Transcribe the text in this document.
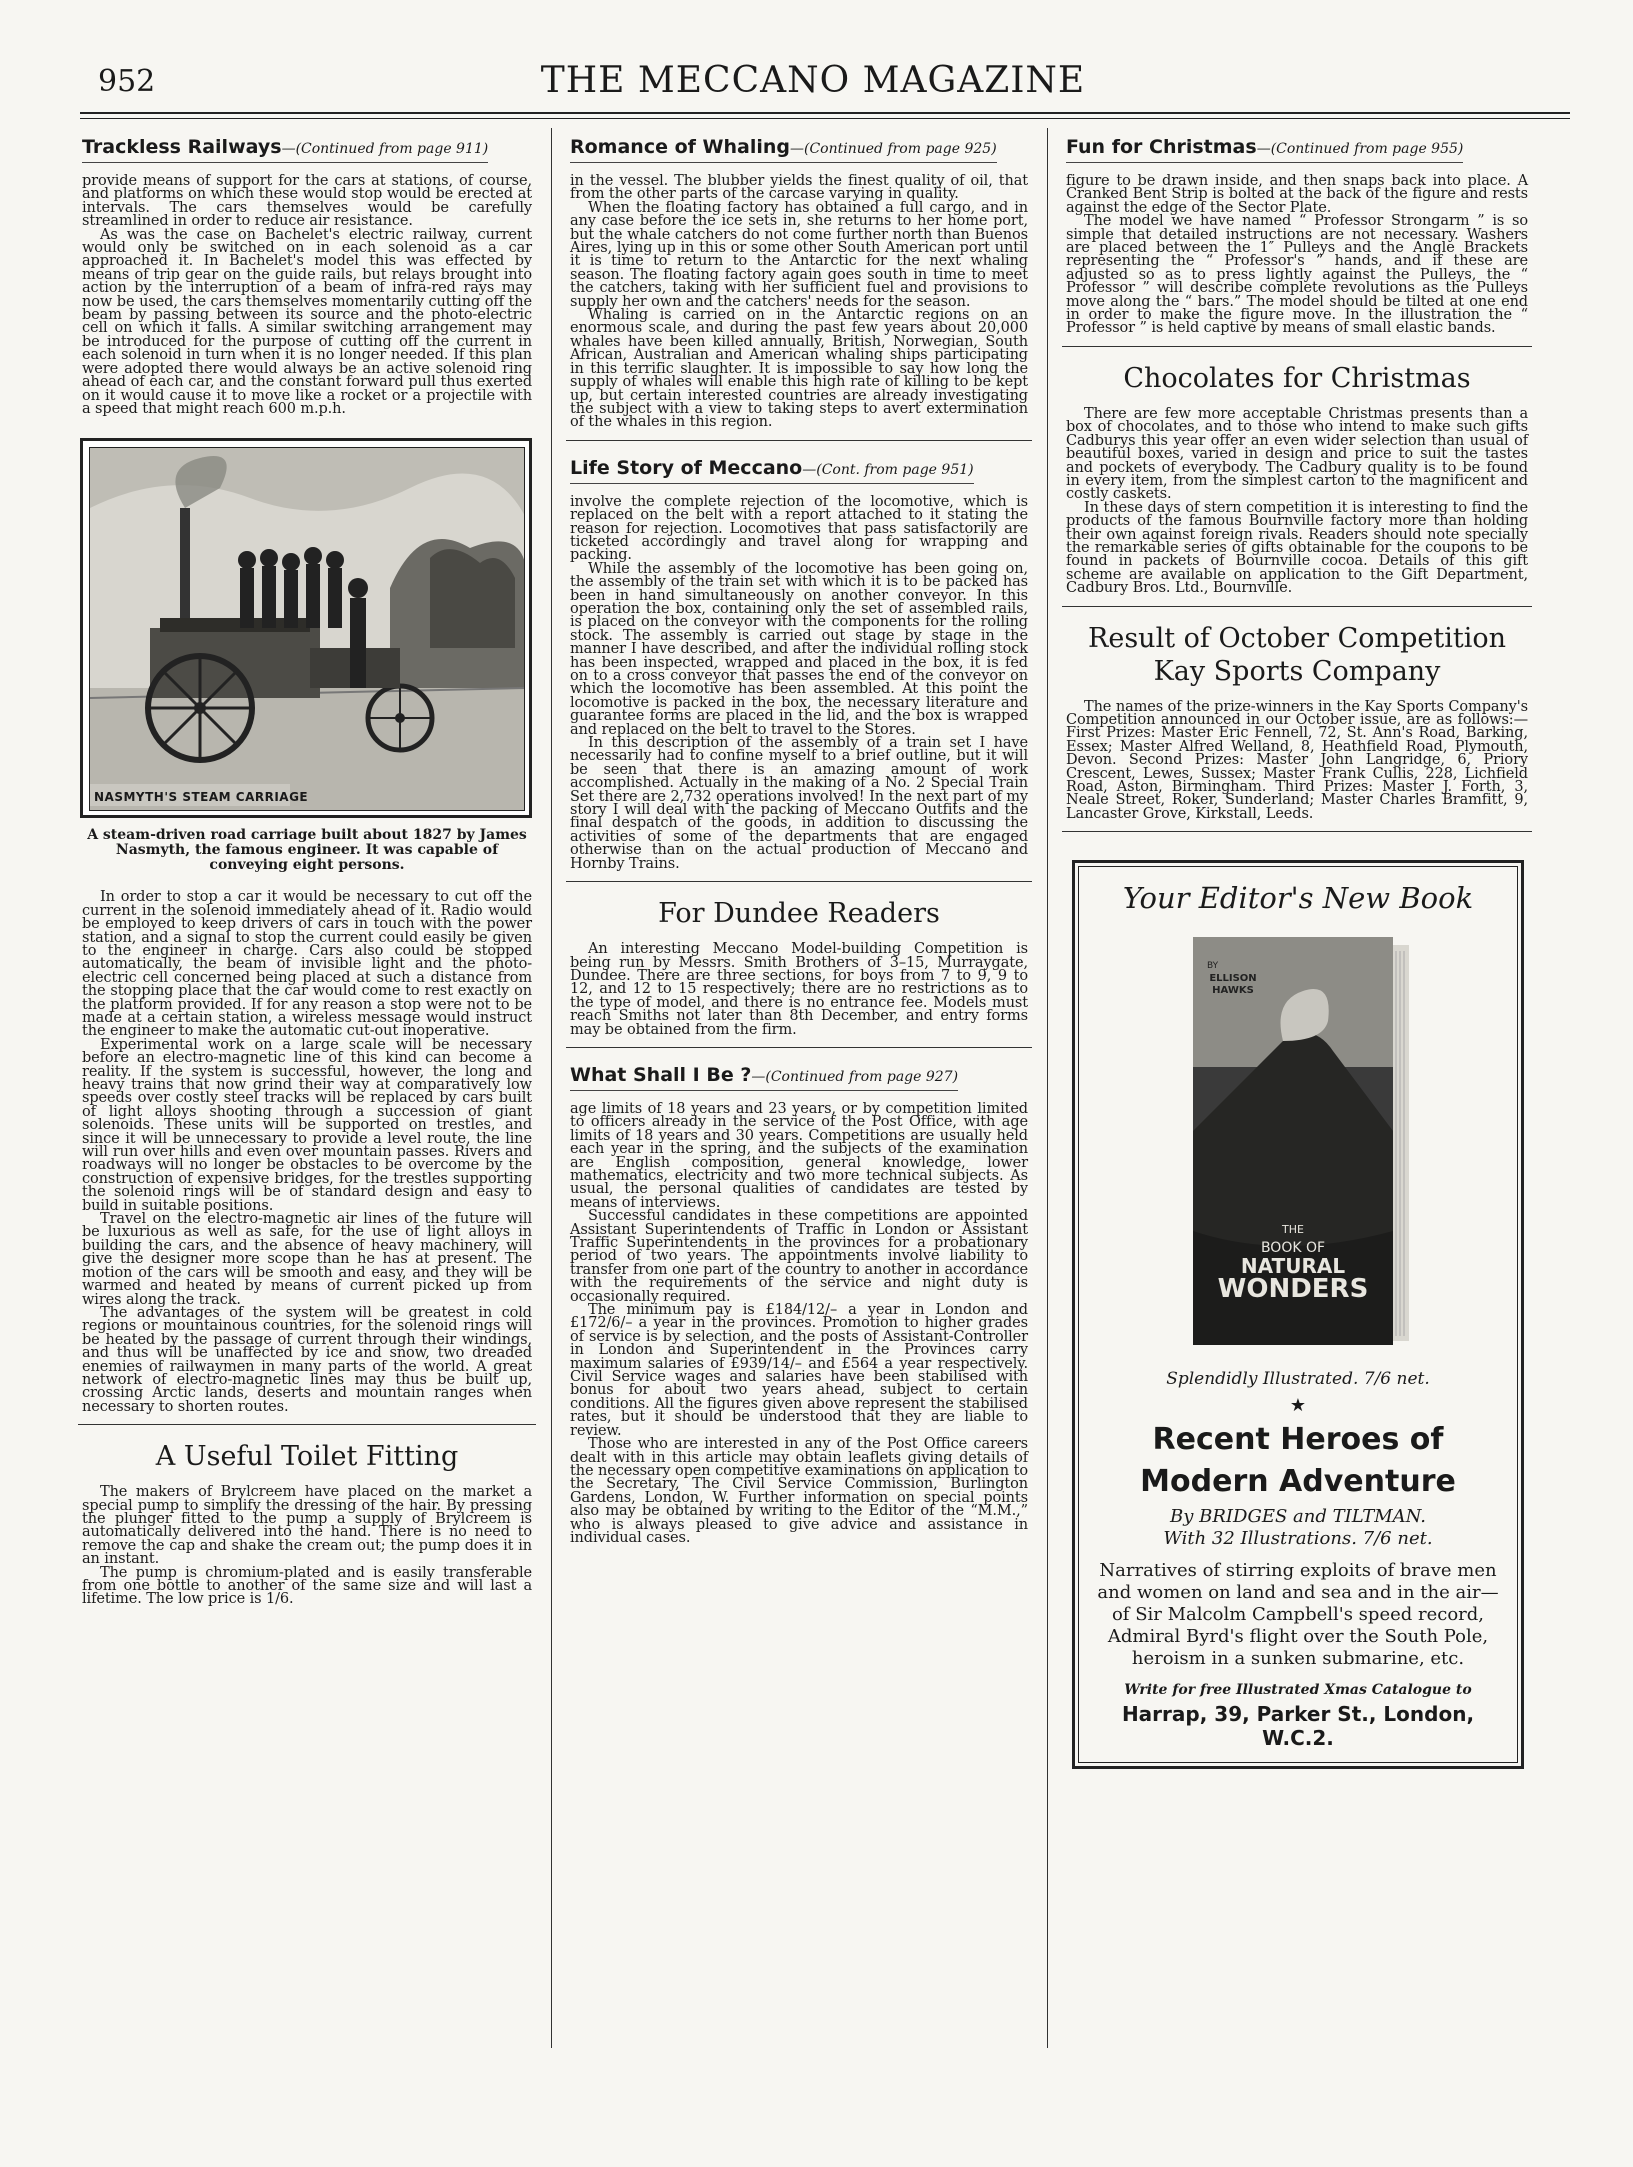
952	THE MECCANO MAGAZINE
Trackless Railways—(Continued from page 911)

provide means of support for the cars at stations, of course, and platforms on which these would stop would be erected at intervals. The cars themselves would be carefully streamlined in order to reduce air resistance.

As was the case on Bachelet's electric railway, current would only be switched on in each solenoid as a car approached it. In Bachelet's model this was effected by means of trip gear on the guide rails, but relays brought into action by the interruption of a beam of infra-red rays may now be used, the cars themselves momentarily cutting off the beam by passing between its source and the photo-electric cell on which it falls. A similar switching arrangement may be introduced for the purpose of cutting off the current in each solenoid in turn when it is no longer needed. If this plan were adopted there would always be an active solenoid ring ahead of each car, and the constant forward pull thus exerted on it would cause it to move like a rocket or a projectile with a speed that might reach 600 m.p.h.

NASMYTH'S STEAM CARRIAGE
A steam-driven road carriage built about 1827 by James Nasmyth, the famous engineer. It was capable of conveying eight persons.

In order to stop a car it would be necessary to cut off the current in the solenoid immediately ahead of it. Radio would be employed to keep drivers of cars in touch with the power station, and a signal to stop the current could easily be given to the engineer in charge. Cars also could be stopped automatically, the beam of invisible light and the photo-electric cell concerned being placed at such a distance from the stopping place that the car would come to rest exactly on the platform provided. If for any reason a stop were not to be made at a certain station, a wireless message would instruct the engineer to make the automatic cut-out inoperative.

Experimental work on a large scale will be necessary before an electro-magnetic line of this kind can become a reality. If the system is successful, however, the long and heavy trains that now grind their way at comparatively low speeds over costly steel tracks will be replaced by cars built of light alloys shooting through a succession of giant solenoids. These units will be supported on trestles, and since it will be unnecessary to provide a level route, the line will run over hills and even over mountain passes. Rivers and roadways will no longer be obstacles to be overcome by the construction of expensive bridges, for the trestles supporting the solenoid rings will be of standard design and easy to build in suitable positions.

Travel on the electro-magnetic air lines of the future will be luxurious as well as safe, for the use of light alloys in building the cars, and the absence of heavy machinery, will give the designer more scope than he has at present. The motion of the cars will be smooth and easy, and they will be warmed and heated by means of current picked up from wires along the track.

The advantages of the system will be greatest in cold regions or mountainous countries, for the solenoid rings will be heated by the passage of current through their windings, and thus will be unaffected by ice and snow, two dreaded enemies of railwaymen in many parts of the world. A great network of electro-magnetic lines may thus be built up, crossing Arctic lands, deserts and mountain ranges when necessary to shorten routes.

A Useful Toilet Fitting

The makers of Brylcreem have placed on the market a special pump to simplify the dressing of the hair. By pressing the plunger fitted to the pump a supply of Brylcreem is automatically delivered into the hand. There is no need to remove the cap and shake the cream out; the pump does it in an instant.

The pump is chromium-plated and is easily transferable from one bottle to another of the same size and will last a lifetime. The low price is 1/6.

Romance of Whaling—(Continued from page 925)

in the vessel. The blubber yields the finest quality of oil, that from the other parts of the carcase varying in quality.

When the floating factory has obtained a full cargo, and in any case before the ice sets in, she returns to her home port, but the whale catchers do not come further north than Buenos Aires, lying up in this or some other South American port until it is time to return to the Antarctic for the next whaling season. The floating factory again goes south in time to meet the catchers, taking with her sufficient fuel and provisions to supply her own and the catchers' needs for the season.

Whaling is carried on in the Antarctic regions on an enormous scale, and during the past few years about 20,000 whales have been killed annually, British, Norwegian, South African, Australian and American whaling ships participating in this terrific slaughter. It is impossible to say how long the supply of whales will enable this high rate of killing to be kept up, but certain interested countries are already investigating the subject with a view to taking steps to avert extermination of the whales in this region.

Life Story of Meccano—(Cont. from page 951)

involve the complete rejection of the locomotive, which is replaced on the belt with a report attached to it stating the reason for rejection. Locomotives that pass satisfactorily are ticketed accordingly and travel along for wrapping and packing.

While the assembly of the locomotive has been going on, the assembly of the train set with which it is to be packed has been in hand simultaneously on another conveyor. In this operation the box, containing only the set of assembled rails, is placed on the conveyor with the components for the rolling stock. The assembly is carried out stage by stage in the manner I have described, and after the individual rolling stock has been inspected, wrapped and placed in the box, it is fed on to a cross conveyor that passes the end of the conveyor on which the locomotive has been assembled. At this point the locomotive is packed in the box, the necessary literature and guarantee forms are placed in the lid, and the box is wrapped and replaced on the belt to travel to the Stores.

In this description of the assembly of a train set I have necessarily had to confine myself to a brief outline, but it will be seen that there is an amazing amount of work accomplished. Actually in the making of a No. 2 Special Train Set there are 2,732 operations involved! In the next part of my story I will deal with the packing of Meccano Outfits and the final despatch of the goods, in addition to discussing the activities of some of the departments that are engaged otherwise than on the actual production of Meccano and Hornby Trains.

For Dundee Readers

An interesting Meccano Model-building Competition is being run by Messrs. Smith Brothers of 3–15, Murraygate, Dundee. There are three sections, for boys from 7 to 9, 9 to 12, and 12 to 15 respectively; there are no restrictions as to the type of model, and there is no entrance fee. Models must reach Smiths not later than 8th December, and entry forms may be obtained from the firm.

What Shall I Be ?—(Continued from page 927)

age limits of 18 years and 23 years, or by competition limited to officers already in the service of the Post Office, with age limits of 18 years and 30 years. Competitions are usually held each year in the spring, and the subjects of the examination are English composition, general knowledge, lower mathematics, electricity and two more technical subjects. As usual, the personal qualities of candidates are tested by means of interviews.

Successful candidates in these competitions are appointed Assistant Superintendents of Traffic in London or Assistant Traffic Superintendents in the provinces for a probationary period of two years. The appointments involve liability to transfer from one part of the country to another in accordance with the requirements of the service and night duty is occasionally required.

The minimum pay is £184/12/– a year in London and £172/6/– a year in the provinces. Promotion to higher grades of service is by selection, and the posts of Assistant-Controller in London and Superintendent in the Provinces carry maximum salaries of £939/14/– and £564 a year respectively. Civil Service wages and salaries have been stabilised with bonus for about two years ahead, subject to certain conditions. All the figures given above represent the stabilised rates, but it should be understood that they are liable to review.

Those who are interested in any of the Post Office careers dealt with in this article may obtain leaflets giving details of the necessary open competitive examinations on application to the Secretary, The Civil Service Commission, Burlington Gardens, London, W. Further information on special points also may be obtained by writing to the Editor of the “M.M.,” who is always pleased to give advice and assistance in individual cases.

Fun for Christmas—(Continued from page 955)

figure to be drawn inside, and then snaps back into place. A Cranked Bent Strip is bolted at the back of the figure and rests against the edge of the Sector Plate.

The model we have named “ Professor Strongarm ” is so simple that detailed instructions are not necessary. Washers are placed between the 1″ Pulleys and the Angle Brackets representing the “ Professor's ” hands, and if these are adjusted so as to press lightly against the Pulleys, the “ Professor ” will describe complete revolutions as the Pulleys move along the “ bars.” The model should be tilted at one end in order to make the figure move. In the illustration the “ Professor ” is held captive by means of small elastic bands.

Chocolates for Christmas

There are few more acceptable Christmas presents than a box of chocolates, and to those who intend to make such gifts Cadburys this year offer an even wider selection than usual of beautiful boxes, varied in design and price to suit the tastes and pockets of everybody. The Cadbury quality is to be found in every item, from the simplest carton to the magnificent and costly caskets.

In these days of stern competition it is interesting to find the products of the famous Bournville factory more than holding their own against foreign rivals. Readers should note specially the remarkable series of gifts obtainable for the coupons to be found in packets of Bournville cocoa. Details of this gift scheme are available on application to the Gift Department, Cadbury Bros. Ltd., Bournville.

Result of October Competition
Kay Sports Company

The names of the prize-winners in the Kay Sports Company's Competition announced in our October issue, are as follows:—First Prizes: Master Eric Fennell, 72, St. Ann's Road, Barking, Essex; Master Alfred Welland, 8, Heathfield Road, Plymouth, Devon. Second Prizes: Master John Langridge, 6, Priory Crescent, Lewes, Sussex; Master Frank Cullis, 228, Lichfield Road, Aston, Birmingham. Third Prizes: Master J. Forth, 3, Neale Street, Roker, Sunderland; Master Charles Bramfitt, 9, Lancaster Grove, Kirkstall, Leeds.

Your Editor's New Book
BY
ELLISON HAWKS
THE
BOOK OF
NATURAL
WONDERS
Splendidly Illustrated. 7/6 net.
★
Recent Heroes of
Modern Adventure
By BRIDGES and TILTMAN.
With 32 Illustrations. 7/6 net.
Narratives of stirring exploits of brave men and women on land and sea and in the air—of Sir Malcolm Campbell's speed record, Admiral Byrd's flight over the South Pole, heroism in a sunken submarine, etc.
Write for free Illustrated Xmas Catalogue to
Harrap, 39, Parker St., London, W.C.2.
